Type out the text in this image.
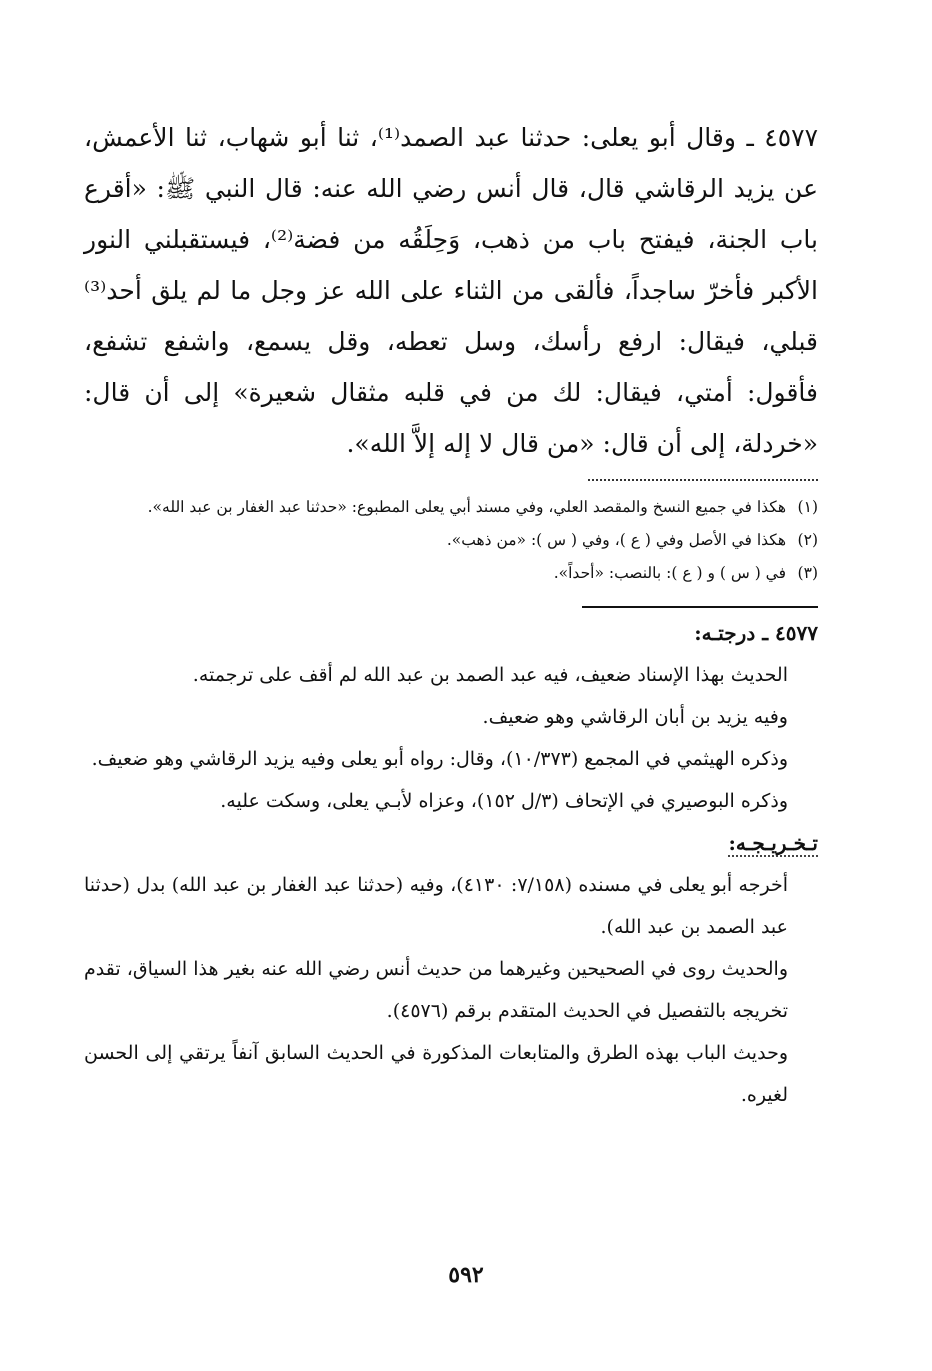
٤٥٧٧ ـ وقال أبو يعلى: حدثنا عبد الصمد⁽¹⁾، ثنا أبو شهاب، ثنا الأعمش، عن يزيد الرقاشي قال، قال أنس رضي الله عنه: قال النبي ﷺ: «أقرع باب الجنة، فيفتح باب من ذهب، وَحِلَقُه من فضة⁽²⁾، فيستقبلني النور الأكبر فأخرّ ساجداً، فألقى من الثناء على الله عز وجل ما لم يلق أحد⁽³⁾ قبلي، فيقال: ارفع رأسك، وسل تعطه، وقل يسمع، واشفع تشفع، فأقول: أمتي، فيقال: لك من في قلبه مثقال شعيرة» إلى أن قال: «خردلة، إلى أن قال: «من قال لا إله إلاَّ الله».

(١)
هكذا في جميع النسخ والمقصد العلي، وفي مسند أبي يعلى المطبوع: «حدثنا عبد الغفار بن عبد الله».
(٢)
هكذا في الأصل وفي ( ع )، وفي ( س ): «من ذهب».
(٣)
في ( س ) و ( ع ): بالنصب: «أحداً».
٤٥٧٧ ـ درجتـه:
الحديث بهذا الإسناد ضعيف، فيه عبد الصمد بن عبد الله لم أقف على ترجمته.
وفيه يزيد بن أبان الرقاشي وهو ضعيف.
وذكره الهيثمي في المجمع (١٠/٣٧٣)، وقال: رواه أبو يعلى وفيه يزيد الرقاشي وهو ضعيف.
وذكره البوصيري في الإتحاف (٣/ل ١٥٢)، وعزاه لأبـي يعلى، وسكت عليه.
تـخـريـجـه:
أخرجه أبو يعلى في مسنده (٧/١٥٨: ٤١٣٠)، وفيه (حدثنا عبد الغفار بن عبد الله) بدل (حدثنا عبد الصمد بن عبد الله).
والحديث روى في الصحيحين وغيرهما من حديث أنس رضي الله عنه بغير هذا السياق، تقدم تخريجه بالتفصيل في الحديث المتقدم برقم (٤٥٧٦).
وحديث الباب بهذه الطرق والمتابعات المذكورة في الحديث السابق آنفاً يرتقي إلى الحسن لغيره.
٥٩٢
